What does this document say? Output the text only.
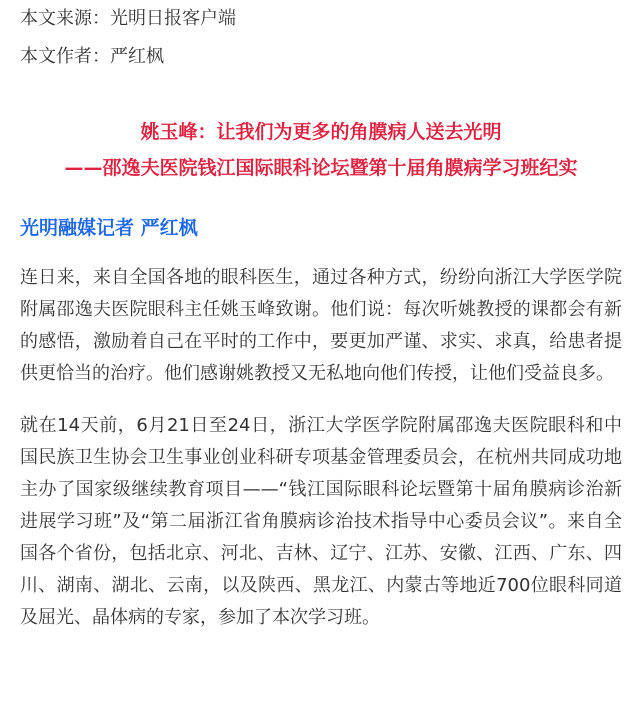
本文来源：光明日报客户端

本文作者：严红枫

姚玉峰：让我们为更多的角膜病人送去光明
——邵逸夫医院钱江国际眼科论坛暨第十届角膜病学习班纪实
光明融媒记者 严红枫

连日来，来自全国各地的眼科医生，通过各种方式，纷纷向浙江大学医学院附属邵逸夫医院眼科主任姚玉峰致谢。他们说：每次听姚教授的课都会有新的感悟，激励着自己在平时的工作中，要更加严谨、求实、求真，给患者提供更恰当的治疗。他们感谢姚教授又无私地向他们传授，让他们受益良多。

就在14天前，6月21日至24日，浙江大学医学院附属邵逸夫医院眼科和中国民族卫生协会卫生事业创业科研专项基金管理委员会，在杭州共同成功地主办了国家级继续教育项目——“钱江国际眼科论坛暨第十届角膜病诊治新进展学习班”及“第二届浙江省角膜病诊治技术指导中心委员会议”。来自全国各个省份，包括北京、河北、吉林、辽宁、江苏、安徽、江西、广东、四川、湖南、湖北、云南，以及陕西、黑龙江、内蒙古等地近700位眼科同道及屈光、晶体病的专家，参加了本次学习班。
